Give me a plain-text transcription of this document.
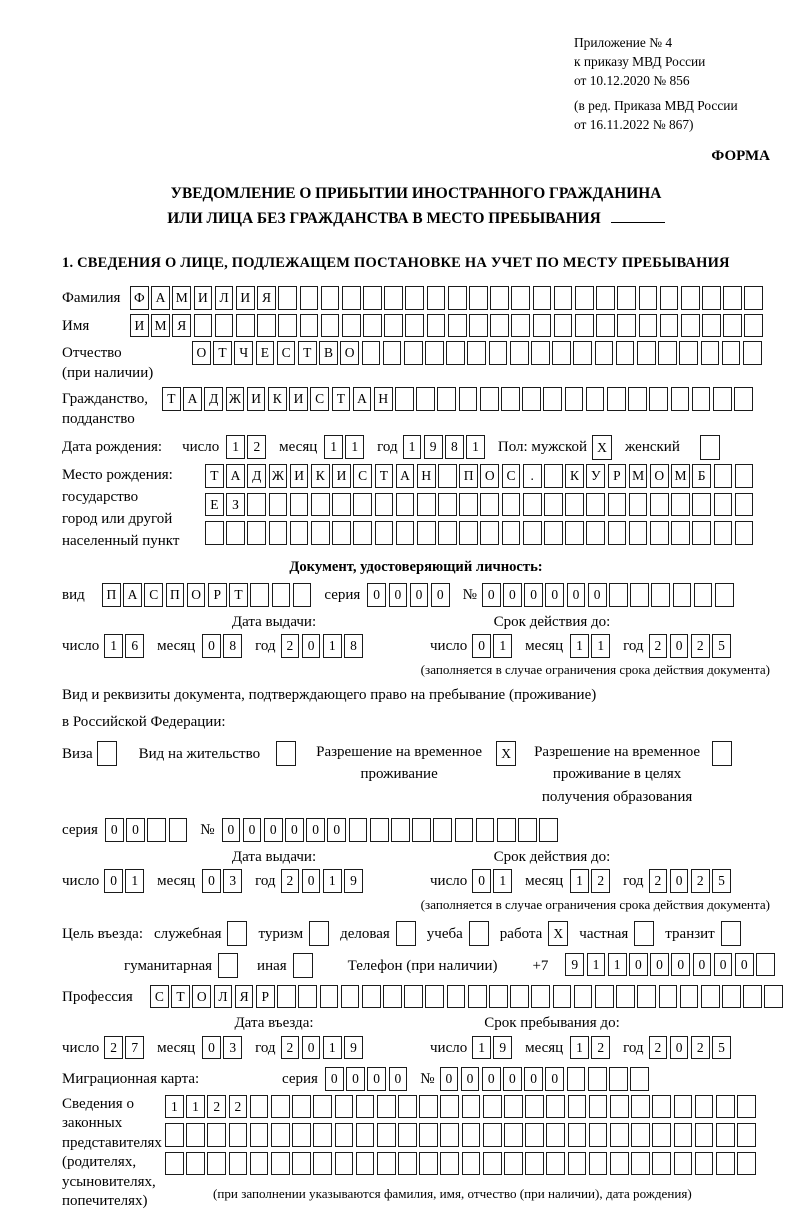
Приложение № 4
к приказу МВД России
от 10.12.2020 № 856
(в ред. Приказа МВД России
от 16.11.2022 № 867)
ФОРМА
УВЕДОМЛЕНИЕ О ПРИБЫТИИ ИНОСТРАННОГО ГРАЖДАНИНА
ИЛИ ЛИЦА БЕЗ ГРАЖДАНСТВА В МЕСТО ПРЕБЫВАНИЯ
1. СВЕДЕНИЯ О ЛИЦЕ, ПОДЛЕЖАЩЕМ ПОСТАНОВКЕ НА УЧЕТ ПО МЕСТУ ПРЕБЫВАНИЯ
Фамилия	Ф А М И Л И Я
Имя	И М Я
Отчество
(при наличии)
О Т Ч Е С Т В О
Гражданство,
подданство
Т А Д Ж И К И С Т А Н
Дата рождения: число 1	2	месяц 1	1	год 1	9	8	1	Пол: мужской X	женский
Место рождения:
государство
город или другой
населенный пункт
Т А Д Ж И К И С Т А Н	П О С	.	К У Р М О М Б
Е	З
Документ, удостоверяющий личность:
вид	П А С П О Р Т	серия 0	0	0	0	№ 0	0	0	0	0	0
Дата выдачи:
число 1	6	месяц 0	8	год 2	0	1	8
Срок действия до:
число 0	1	месяц 1	1	год 2	0	2	5
(заполняется в случае ограничения срока действия документа)
Вид и реквизиты документа, подтверждающего право на пребывание (проживание)
в Российской Федерации:
Виза	Вид на жительство	Разрешение на временное
проживание
X	Разрешение на временное
проживание в целях
получения образования
серия 0	0	№ 0	0	0	0	0	0
Дата выдачи:
число 0	1	месяц 0	3	год 2	0	1	9
Срок действия до:
число 0	1	месяц 1	2	год 2	0	2	5
(заполняется в случае ограничения срока действия документа)
Цель въезда: служебная туризм деловая учеба работа X	частная транзит
гуманитарная	иная	Телефон (при наличии) +7	9	1	1	0	0	0	0	0	0
Профессия	С Т О Л Я Р
Дата въезда:
число 2	7	месяц 0	3	год 2	0	1	9
Срок пребывания до:
число 1	9	месяц 1	2	год 2	0	2	5
Миграционная карта:	серия 0	0	0	0	№ 0	0	0	0	0	0
Сведения о
законных
представителях
(родителях,
усыновителях,
попечителях)
1	1	2	2
(при заполнении указываются фамилия, имя, отчество (при наличии), дата рождения)
